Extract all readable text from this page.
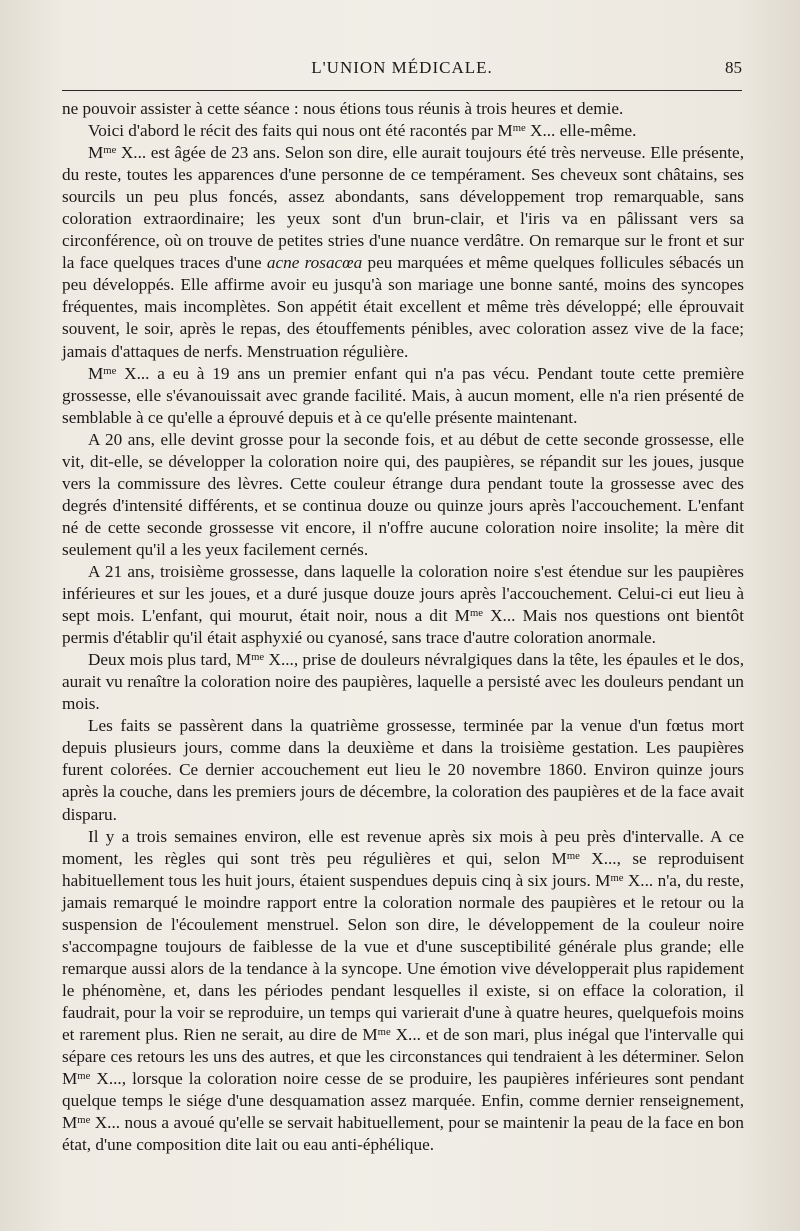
L'UNION MÉDICALE.	85

ne pouvoir assister à cette séance : nous étions tous réunis à trois heures et demie.

Voici d'abord le récit des faits qui nous ont été racontés par $M^{me}$ X... elle-même.

$M^{me}$ X... est âgée de 23 ans. Selon son dire, elle aurait toujours été très nerveuse. Elle présente, du reste, toutes les apparences d'une personne de ce tempérament. Ses cheveux sont châtains, ses sourcils un peu plus foncés, assez abondants, sans développement trop remarquable, sans coloration extraordinaire; les yeux sont d'un brun-clair, et l'iris va en pâlissant vers sa circonférence, où on trouve de petites stries d'une nuance verdâtre. On remarque sur le front et sur la face quelques traces d'une acne rosacœa peu marquées et même quelques follicules sébacés un peu développés. Elle affirme avoir eu jusqu'à son mariage une bonne santé, moins des syncopes fréquentes, mais incomplètes. Son appétit était excellent et même très développé; elle éprouvait souvent, le soir, après le repas, des étouffements pénibles, avec coloration assez vive de la face; jamais d'attaques de nerfs. Menstruation régulière.

$M^{me}$ X... a eu à 19 ans un premier enfant qui n'a pas vécu. Pendant toute cette première grossesse, elle s'évanouissait avec grande facilité. Mais, à aucun moment, elle n'a rien présenté de semblable à ce qu'elle a éprouvé depuis et à ce qu'elle présente maintenant.

A 20 ans, elle devint grosse pour la seconde fois, et au début de cette seconde grossesse, elle vit, dit-elle, se développer la coloration noire qui, des paupières, se répandit sur les joues, jusque vers la commissure des lèvres. Cette couleur étrange dura pendant toute la grossesse avec des degrés d'intensité différents, et se continua douze ou quinze jours après l'accouchement. L'enfant né de cette seconde grossesse vit encore, il n'offre aucune coloration noire insolite; la mère dit seulement qu'il a les yeux facilement cernés.

A 21 ans, troisième grossesse, dans laquelle la coloration noire s'est étendue sur les paupières inférieures et sur les joues, et a duré jusque douze jours après l'accouchement. Celui-ci eut lieu à sept mois. L'enfant, qui mourut, était noir, nous a dit $M^{me}$ X... Mais nos questions ont bientôt permis d'établir qu'il était asphyxié ou cyanosé, sans trace d'autre coloration anormale.

Deux mois plus tard, $M^{me}$ X..., prise de douleurs névralgiques dans la tête, les épaules et le dos, aurait vu renaître la coloration noire des paupières, laquelle a persisté avec les douleurs pendant un mois.

Les faits se passèrent dans la quatrième grossesse, terminée par la venue d'un fœtus mort depuis plusieurs jours, comme dans la deuxième et dans la troisième gestation. Les paupières furent colorées. Ce dernier accouchement eut lieu le 20 novembre 1860. Environ quinze jours après la couche, dans les premiers jours de décembre, la coloration des paupières et de la face avait disparu.

Il y a trois semaines environ, elle est revenue après six mois à peu près d'intervalle. A ce moment, les règles qui sont très peu régulières et qui, selon $M^{me}$ X..., se reproduisent habituellement tous les huit jours, étaient suspendues depuis cinq à six jours. $M^{me}$ X... n'a, du reste, jamais remarqué le moindre rapport entre la coloration normale des paupières et le retour ou la suspension de l'écoulement menstruel. Selon son dire, le développement de la couleur noire s'accompagne toujours de faiblesse de la vue et d'une susceptibilité générale plus grande; elle remarque aussi alors de la tendance à la syncope. Une émotion vive développerait plus rapidement le phénomène, et, dans les périodes pendant lesquelles il existe, si on efface la coloration, il faudrait, pour la voir se reproduire, un temps qui varierait d'une à quatre heures, quelquefois moins et rarement plus. Rien ne serait, au dire de $M^{me}$ X... et de son mari, plus inégal que l'intervalle qui sépare ces retours les uns des autres, et que les circonstances qui tendraient à les déterminer. Selon $M^{me}$ X..., lorsque la coloration noire cesse de se produire, les paupières inférieures sont pendant quelque temps le siége d'une desquamation assez marquée. Enfin, comme dernier renseignement, $M^{me}$ X... nous a avoué qu'elle se servait habituellement, pour se maintenir la peau de la face en bon état, d'une composition dite lait ou eau anti-éphélique.
